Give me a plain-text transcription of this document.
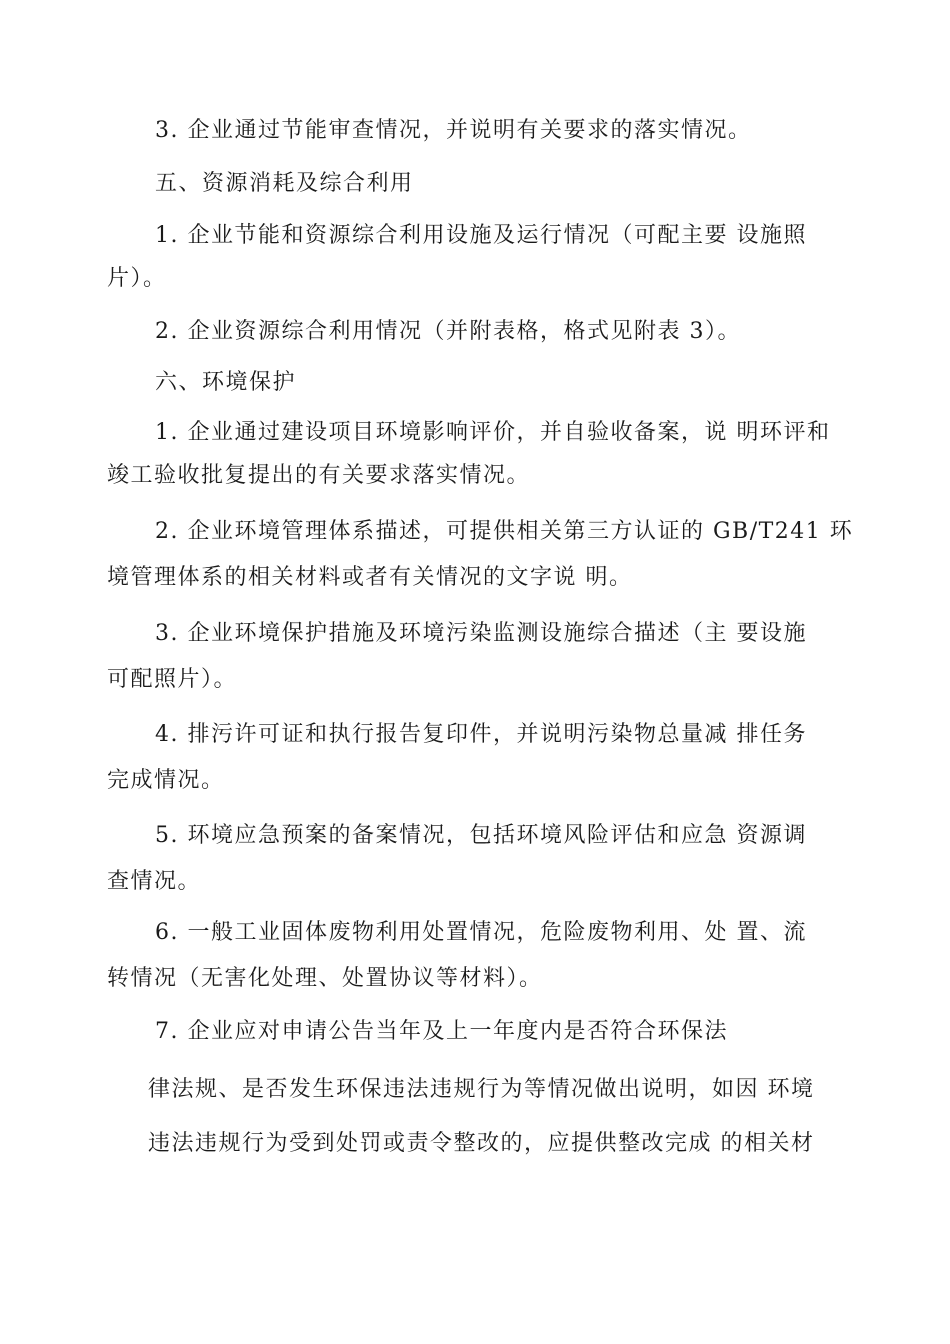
3. 企业通过节能审查情况，并说明有关要求的落实情况。
五、资源消耗及综合利用
1. 企业节能和资源综合利用设施及运行情况（可配主要 设施照
片）。
2. 企业资源综合利用情况（并附表格，格式见附表 3）。
六、环境保护
1. 企业通过建设项目环境影响评价，并自验收备案，说 明环评和
竣工验收批复提出的有关要求落实情况。
2. 企业环境管理体系描述，可提供相关第三方认证的 GB/T241 环
境管理体系的相关材料或者有关情况的文字说 明。
3. 企业环境保护措施及环境污染监测设施综合描述（主 要设施
可配照片）。
4. 排污许可证和执行报告复印件，并说明污染物总量减 排任务
完成情况。
5. 环境应急预案的备案情况，包括环境风险评估和应急 资源调
查情况。
6. 一般工业固体废物利用处置情况，危险废物利用、处 置、流
转情况（无害化处理、处置协议等材料）。
7. 企业应对申请公告当年及上一年度内是否符合环保法
律法规、是否发生环保违法违规行为等情况做出说明，如因 环境
违法违规行为受到处罚或责令整改的，应提供整改完成 的相关材
